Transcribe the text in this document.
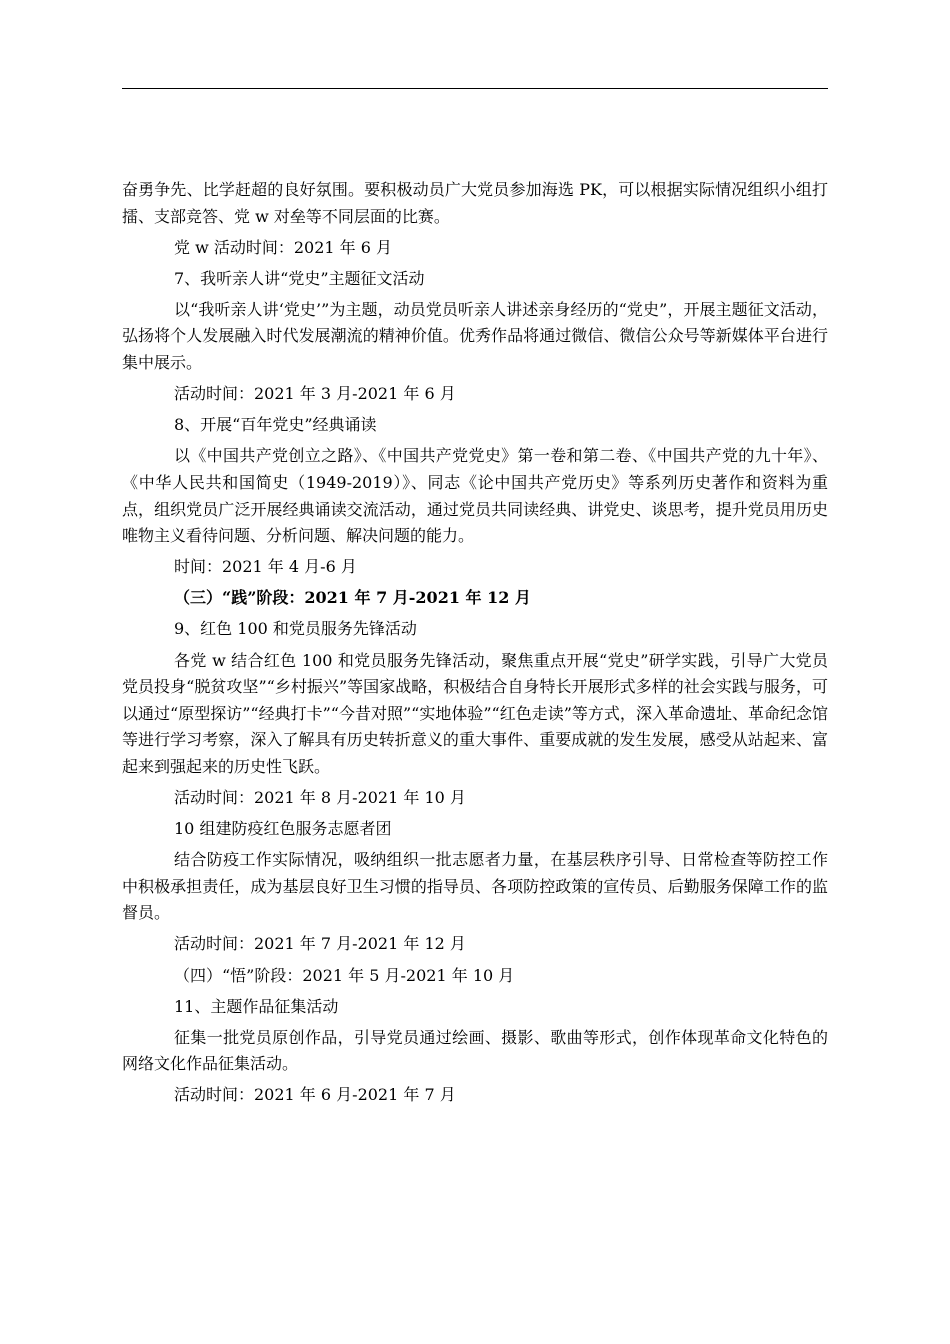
奋勇争先、比学赶超的良好氛围。要积极动员广大党员参加海选 PK，可以根据实际情况组织小组打擂、支部竞答、党 w 对垒等不同层面的比赛。

党 w 活动时间：2021 年 6 月

7、我听亲人讲“党史”主题征文活动

以“我听亲人讲‘党史’”为主题，动员党员听亲人讲述亲身经历的“党史”，开展主题征文活动，弘扬将个人发展融入时代发展潮流的精神价值。优秀作品将通过微信、微信公众号等新媒体平台进行集中展示。

活动时间：2021 年 3 月-2021 年 6 月

8、开展“百年党史”经典诵读

以《中国共产党创立之路》、《中国共产党党史》第一卷和第二卷、《中国共产党的九十年》、《中华人民共和国简史（1949-2019）》、同志《论中国共产党历史》等系列历史著作和资料为重点，组织党员广泛开展经典诵读交流活动，通过党员共同读经典、讲党史、谈思考，提升党员用历史唯物主义看待问题、分析问题、解决问题的能力。

时间：2021 年 4 月-6 月

（三）“践”阶段：2021 年 7 月-2021 年 12 月

9、红色 100 和党员服务先锋活动

各党 w 结合红色 100 和党员服务先锋活动，聚焦重点开展“党史”研学实践，引导广大党员党员投身“脱贫攻坚”“乡村振兴”等国家战略，积极结合自身特长开展形式多样的社会实践与服务，可以通过“原型探访”“经典打卡”“今昔对照”“实地体验”“红色走读”等方式，深入革命遗址、革命纪念馆等进行学习考察，深入了解具有历史转折意义的重大事件、重要成就的发生发展，感受从站起来、富起来到强起来的历史性飞跃。

活动时间：2021 年 8 月-2021 年 10 月

10 组建防疫红色服务志愿者团

结合防疫工作实际情况，吸纳组织一批志愿者力量，在基层秩序引导、日常检查等防控工作中积极承担责任，成为基层良好卫生习惯的指导员、各项防控政策的宣传员、后勤服务保障工作的监督员。

活动时间：2021 年 7 月-2021 年 12 月

（四）“悟”阶段：2021 年 5 月-2021 年 10 月

11、主题作品征集活动

征集一批党员原创作品，引导党员通过绘画、摄影、歌曲等形式，创作体现革命文化特色的网络文化作品征集活动。

活动时间：2021 年 6 月-2021 年 7 月
